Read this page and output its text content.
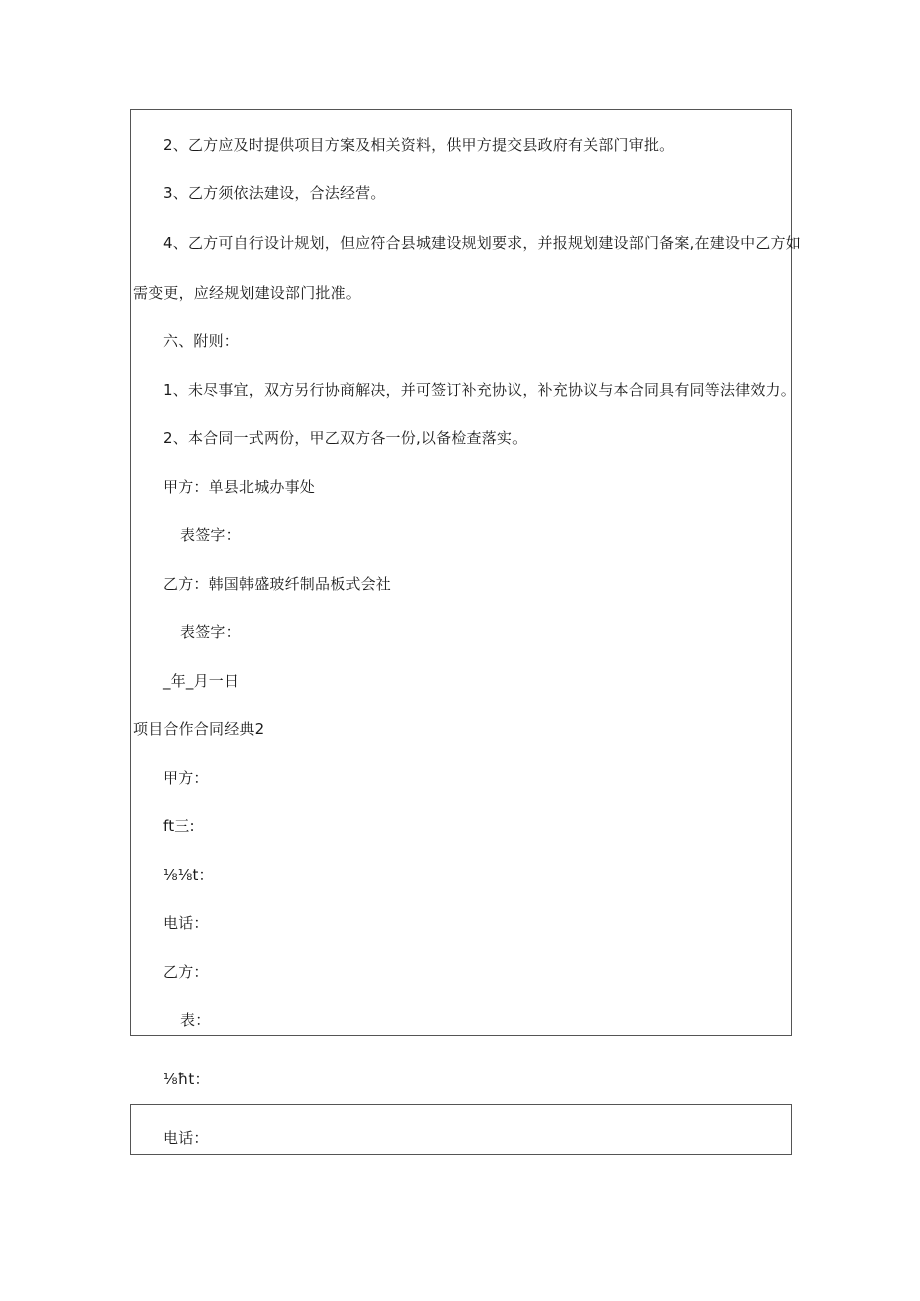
2、乙方应及时提供项目方案及相关资料，供甲方提交县政府有关部门审批。
3、乙方须依法建设，合法经营。
4、乙方可自行设计规划，但应符合县城建设规划要求，并报规划建设部门备案,在建设中乙方如
需变更，应经规划建设部门批准。
六、附则：
1、未尽事宜，双方另行协商解决，并可签订补充协议，补充协议与本合同具有同等法律效力。
2、本合同一式两份，甲乙双方各一份,以备检查落实。
甲方：单县北城办事处
表签字：
乙方：韩国韩盛玻纤制品板式会社
表签字：
_年_月一日
项目合作合同经典2
甲方：
ft三:
⅛⅛t：
电话：
乙方：
表：
⅛ħt：
电话：
